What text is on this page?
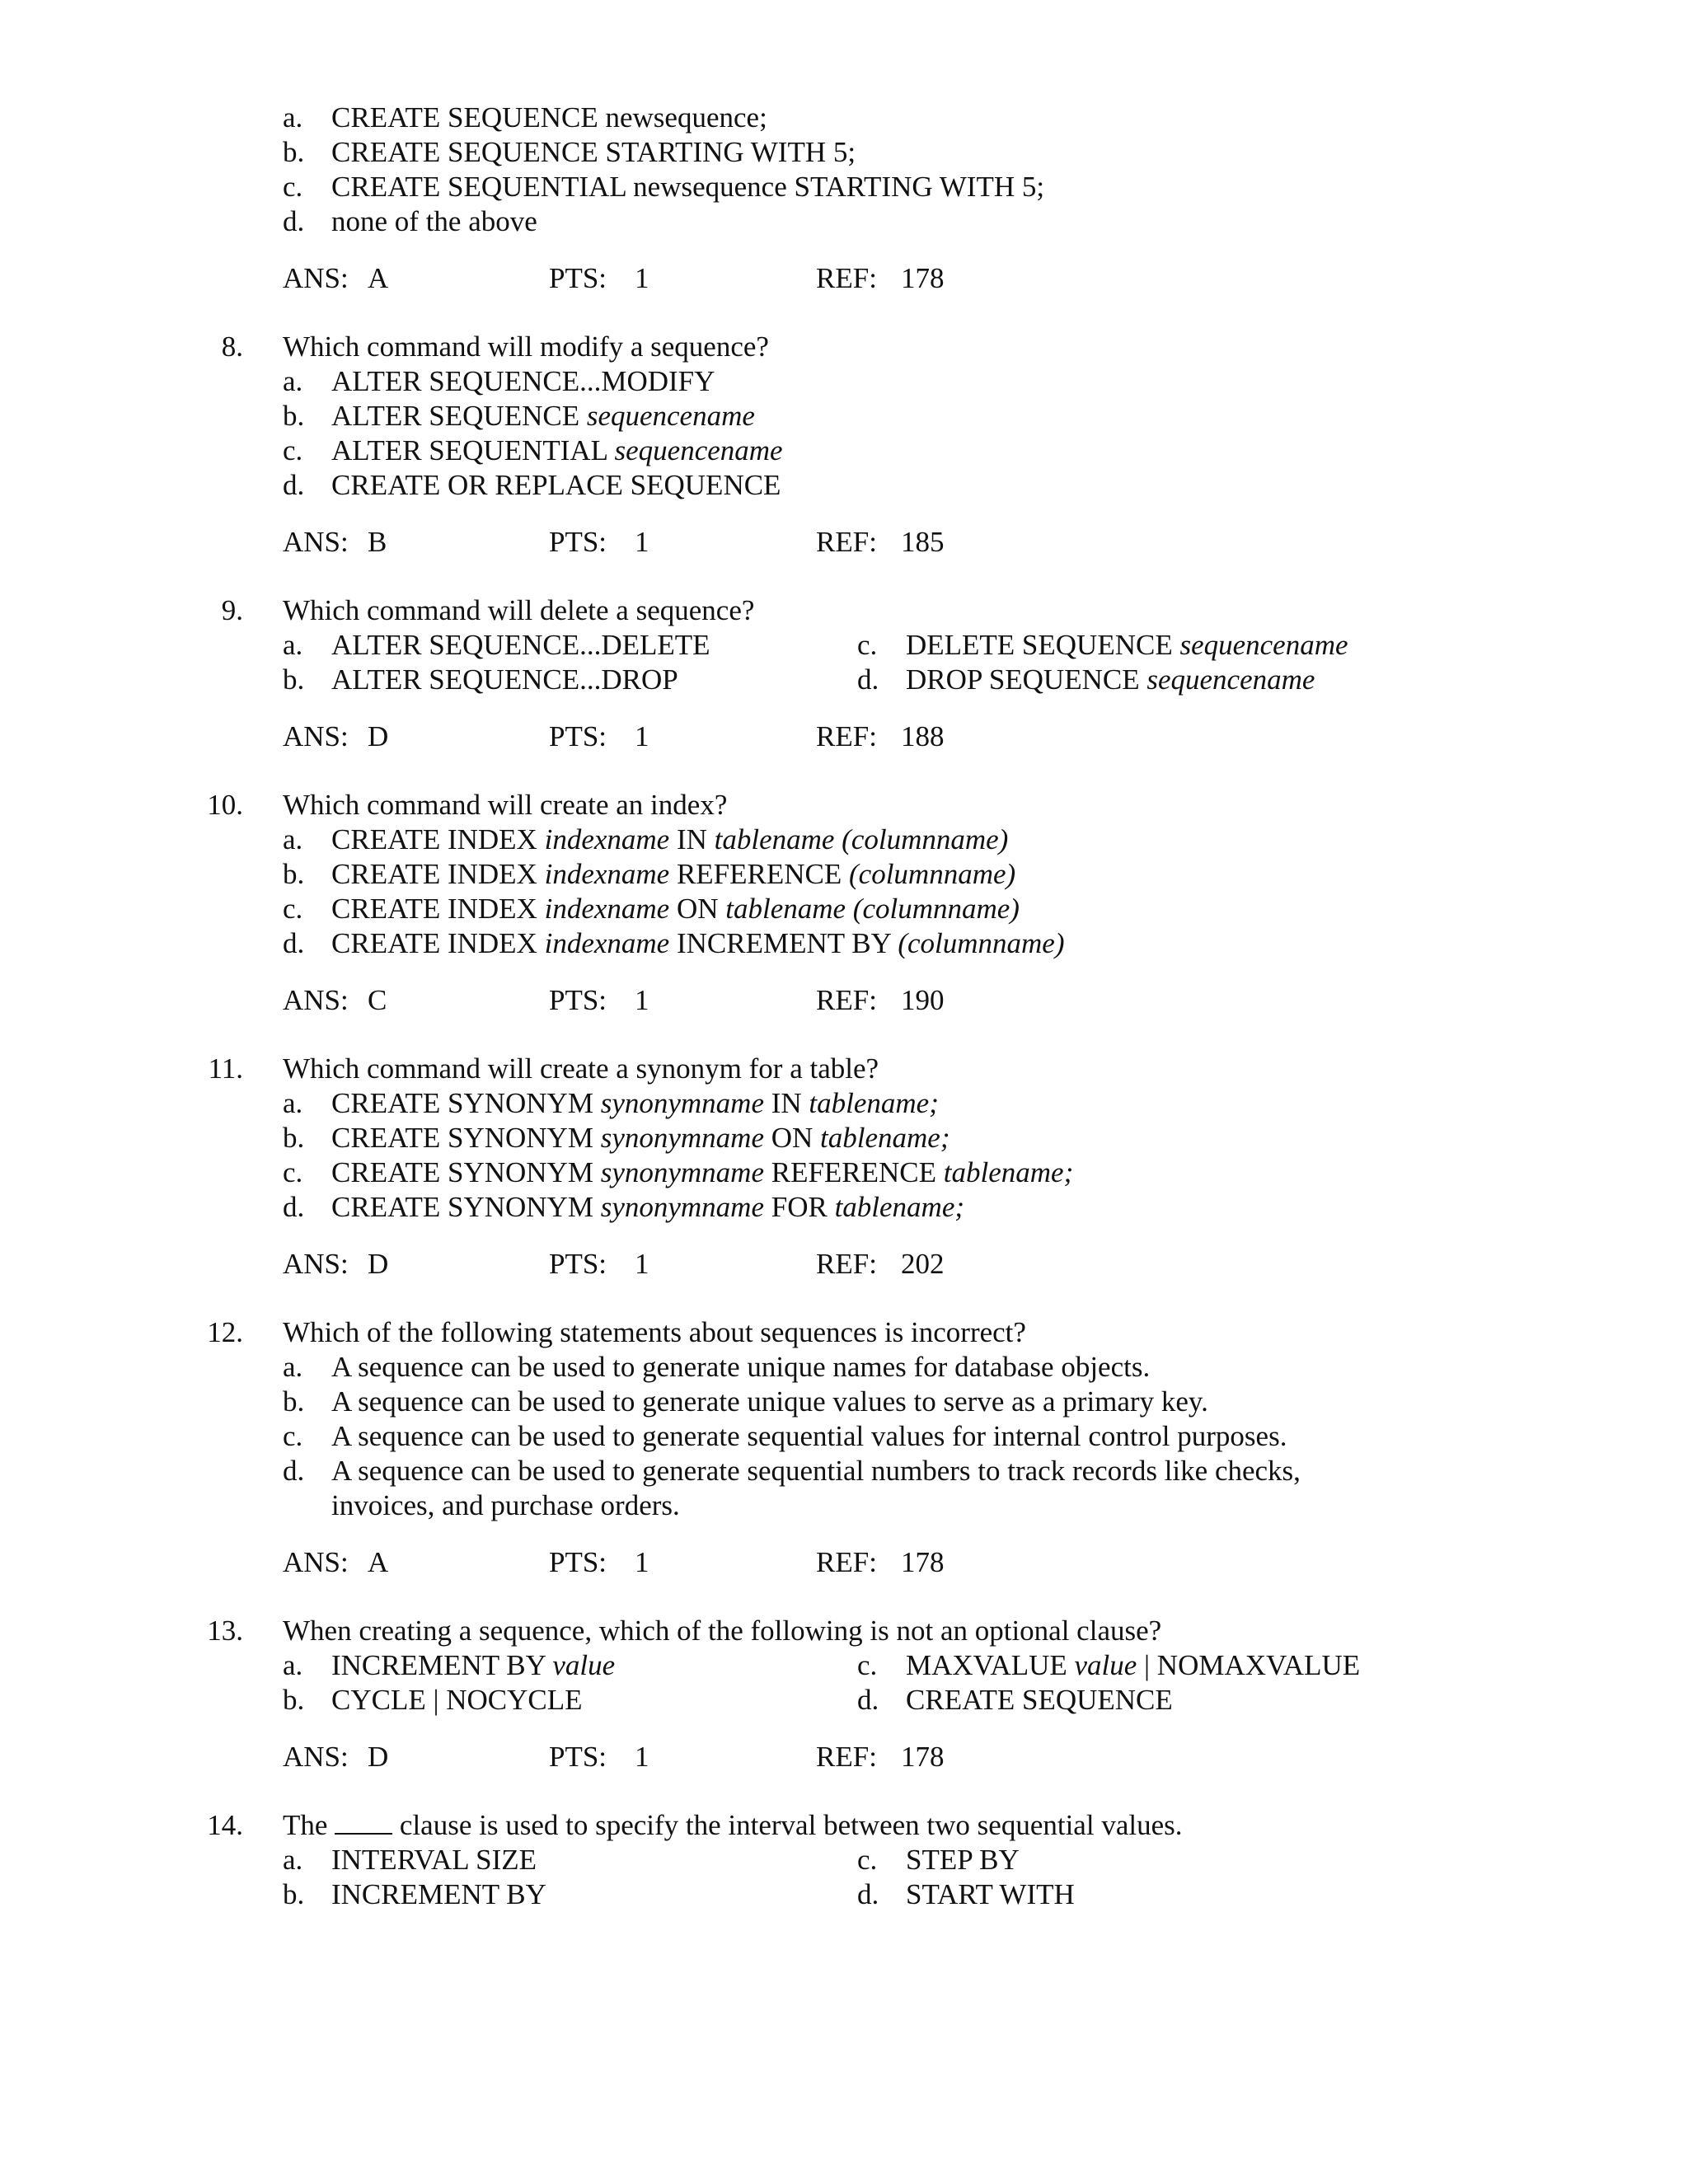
a. CREATE SEQUENCE newsequence;
b. CREATE SEQUENCE STARTING WITH 5;
c. CREATE SEQUENTIAL newsequence STARTING WITH 5;
d. none of the above
ANS: A	PTS: 1	REF: 178
8. Which command will modify a sequence?
a. ALTER SEQUENCE...MODIFY
b. ALTER SEQUENCE sequencename
c. ALTER SEQUENTIAL sequencename
d. CREATE OR REPLACE SEQUENCE
ANS: B	PTS: 1	REF: 185
9. Which command will delete a sequence?
a. ALTER SEQUENCE...DELETE
b. ALTER SEQUENCE...DROP
c. DELETE SEQUENCE sequencename
d. DROP SEQUENCE sequencename
ANS: D	PTS: 1	REF: 188
10. Which command will create an index?
a. CREATE INDEX indexname IN tablename (columnname)
b. CREATE INDEX indexname REFERENCE (columnname)
c. CREATE INDEX indexname ON tablename (columnname)
d. CREATE INDEX indexname INCREMENT BY (columnname)
ANS: C	PTS: 1	REF: 190
11. Which command will create a synonym for a table?
a. CREATE SYNONYM synonymname IN tablename;
b. CREATE SYNONYM synonymname ON tablename;
c. CREATE SYNONYM synonymname REFERENCE tablename;
d. CREATE SYNONYM synonymname FOR tablename;
ANS: D	PTS: 1	REF: 202
12. Which of the following statements about sequences is incorrect?
a. A sequence can be used to generate unique names for database objects.
b. A sequence can be used to generate unique values to serve as a primary key.
c. A sequence can be used to generate sequential values for internal control purposes.
d. A sequence can be used to generate sequential numbers to track records like checks,
invoices, and purchase orders.
ANS: A	PTS: 1	REF: 178
13. When creating a sequence, which of the following is not an optional clause?
a. INCREMENT BY value
b. CYCLE | NOCYCLE
c. MAXVALUE value | NOMAXVALUE
d. CREATE SEQUENCE
ANS: D	PTS: 1	REF: 178
14. The  clause is used to specify the interval between two sequential values.
a. INTERVAL SIZE
b. INCREMENT BY
c. STEP BY
d. START WITH
